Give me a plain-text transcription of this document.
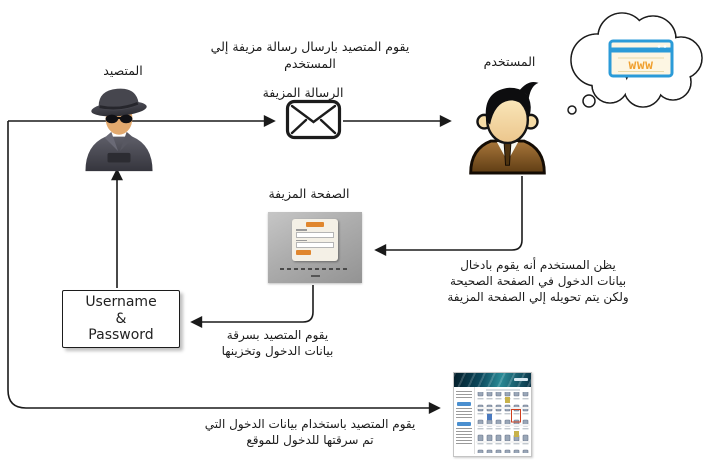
www
Username
&
Password
يقوم المتصيد بارسال رسالة مزيفة إلي المستخدم
المتصيد
المستخدم
الرسالة المزيفة
الصفحة المزيفة
يظن المستخدم أنه يقوم بادخال
بيانات الدخول في الصفحة الصحيحة
ولكن يتم تحويله إلي الصفحة المزيفة
يقوم المتصيد بسرقة
بيانات الدخول وتخزينها
يقوم المتصيد باستخدام بيانات الدخول التي
تم سرقتها للدخول للموقع
